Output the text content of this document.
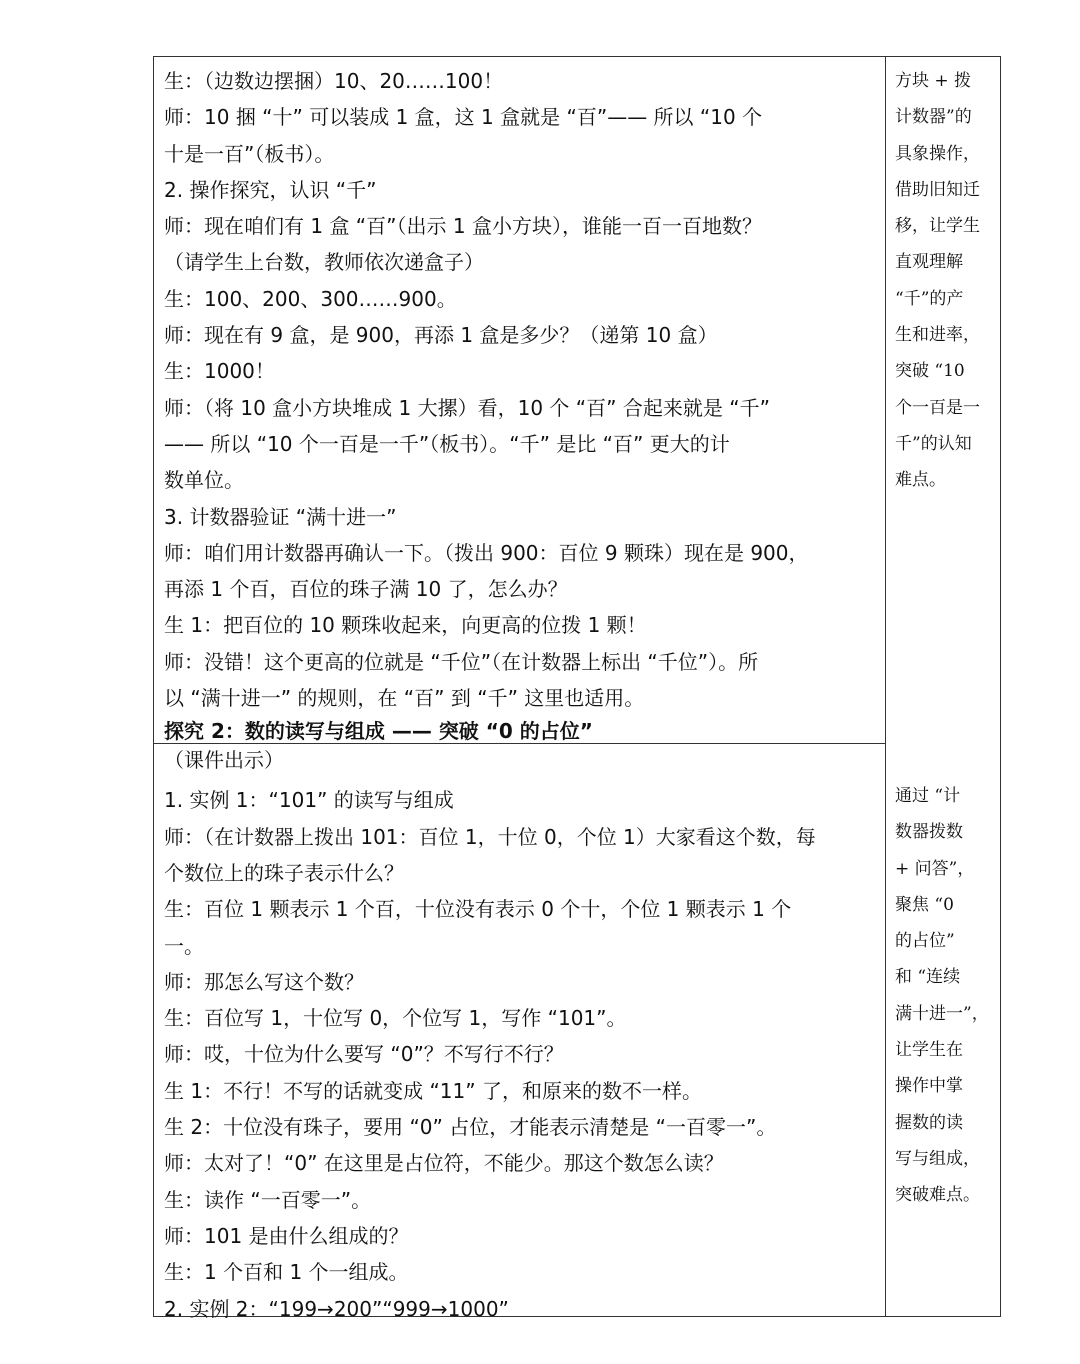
生：（边数边摆捆）10、20……100！
师：10 捆 “十” 可以装成 1 盒，这 1 盒就是 “百”—— 所以 “10 个
十是一百”（板书）。
2. 操作探究，认识 “千”
师：现在咱们有 1 盒 “百”（出示 1 盒小方块），谁能一百一百地数？
（请学生上台数，教师依次递盒子）
生：100、200、300……900。
师：现在有 9 盒，是 900，再添 1 盒是多少？（递第 10 盒）
生：1000！
师：（将 10 盒小方块堆成 1 大摞）看，10 个 “百” 合起来就是 “千”
—— 所以 “10 个一百是一千”（板书）。“千” 是比 “百” 更大的计
数单位。
3. 计数器验证 “满十进一”
师：咱们用计数器再确认一下。（拨出 900：百位 9 颗珠）现在是 900，
再添 1 个百，百位的珠子满 10 了，怎么办？
生 1：把百位的 10 颗珠收起来，向更高的位拨 1 颗！
师：没错！这个更高的位就是 “千位”（在计数器上标出 “千位”）。所
以 “满十进一” 的规则，在 “百” 到 “千” 这里也适用。
探究 2：数的读写与组成 —— 突破 “0 的占位”
（课件出示）
1. 实例 1：“101” 的读写与组成
师：（在计数器上拨出 101：百位 1，十位 0，个位 1）大家看这个数，每
个数位上的珠子表示什么？
生：百位 1 颗表示 1 个百，十位没有表示 0 个十，个位 1 颗表示 1 个
一。
师：那怎么写这个数？
生：百位写 1，十位写 0，个位写 1，写作 “101”。
师：哎，十位为什么要写 “0”？不写行不行？
生 1：不行！不写的话就变成 “11” 了，和原来的数不一样。
生 2：十位没有珠子，要用 “0” 占位，才能表示清楚是 “一百零一”。
师：太对了！“0” 在这里是占位符，不能少。那这个数怎么读？
生：读作 “一百零一”。
师：101 是由什么组成的？
生：1 个百和 1 个一组成。
2. 实例 2：“199→200”“999→1000”
方块 + 拨
计数器”的
具象操作，
借助旧知迁
移，让学生
直观理解
“千”的产
生和进率，
突破 “10
个一百是一
千”的认知
难点。
通过 “计
数器拨数
+ 问答”，
聚焦 “0
的占位”
和 “连续
满十进一”，
让学生在
操作中掌
握数的读
写与组成，
突破难点。
